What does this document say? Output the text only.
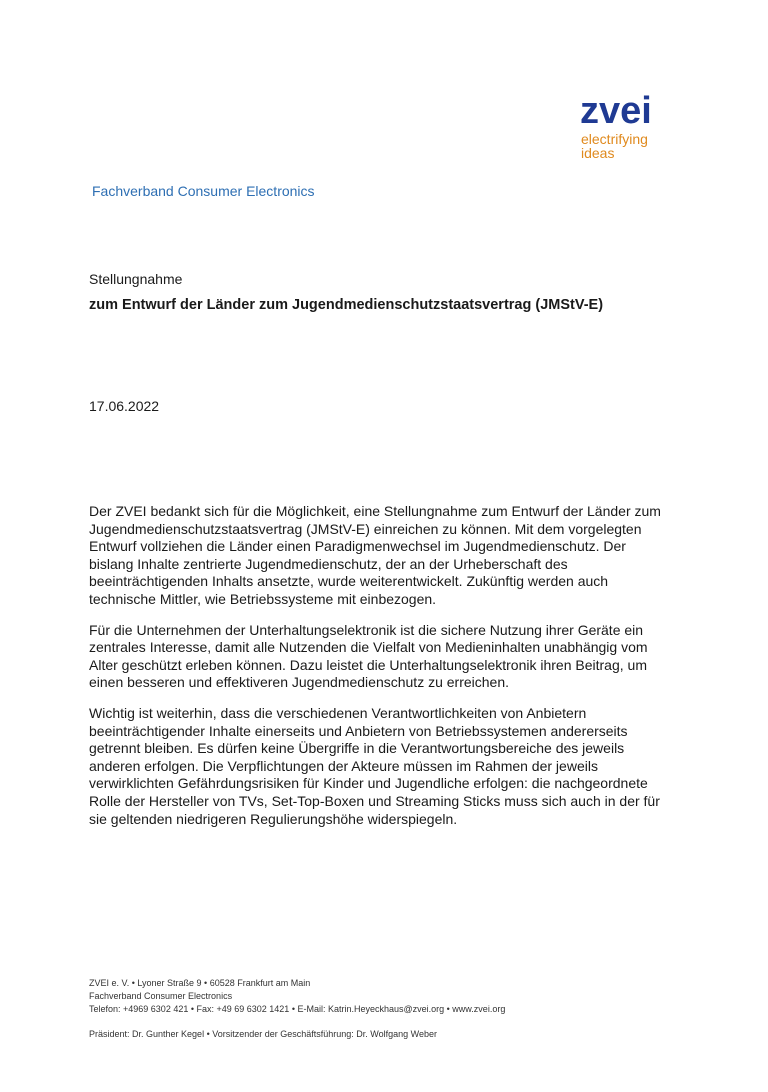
zvei
electrifying
ideas
Fachverband Consumer Electronics
Stellungnahme
zum Entwurf der Länder zum Jugendmedienschutzstaatsvertrag (JMStV-E)
17.06.2022

Der ZVEI bedankt sich für die Möglichkeit, eine Stellungnahme zum Entwurf der Länder zum
Jugendmedienschutzstaatsvertrag (JMStV-E) einreichen zu können. Mit dem vorgelegten
Entwurf vollziehen die Länder einen Paradigmenwechsel im Jugendmedienschutz. Der
bislang Inhalte zentrierte Jugendmedienschutz, der an der Urheberschaft des
beeinträchtigenden Inhalts ansetzte, wurde weiterentwickelt. Zukünftig werden auch
technische Mittler, wie Betriebssysteme mit einbezogen.

Für die Unternehmen der Unterhaltungselektronik ist die sichere Nutzung ihrer Geräte ein
zentrales Interesse, damit alle Nutzenden die Vielfalt von Medieninhalten unabhängig vom
Alter geschützt erleben können. Dazu leistet die Unterhaltungselektronik ihren Beitrag, um
einen besseren und effektiveren Jugendmedienschutz zu erreichen.

Wichtig ist weiterhin, dass die verschiedenen Verantwortlichkeiten von Anbietern
beeinträchtigender Inhalte einerseits und Anbietern von Betriebssystemen andererseits
getrennt bleiben. Es dürfen keine Übergriffe in die Verantwortungsbereiche des jeweils
anderen erfolgen. Die Verpflichtungen der Akteure müssen im Rahmen der jeweils
verwirklichten Gefährdungsrisiken für Kinder und Jugendliche erfolgen: die nachgeordnete
Rolle der Hersteller von TVs, Set-Top-Boxen und Streaming Sticks muss sich auch in der für
sie geltenden niedrigeren Regulierungshöhe widerspiegeln.

ZVEI e. V. • Lyoner Straße 9 • 60528 Frankfurt am Main
Fachverband Consumer Electronics
Telefon: +4969 6302 421 • Fax: +49 69 6302 1421 • E-Mail: Katrin.Heyeckhaus@zvei.org • www.zvei.org
Präsident: Dr. Gunther Kegel • Vorsitzender der Geschäftsführung: Dr. Wolfgang Weber
